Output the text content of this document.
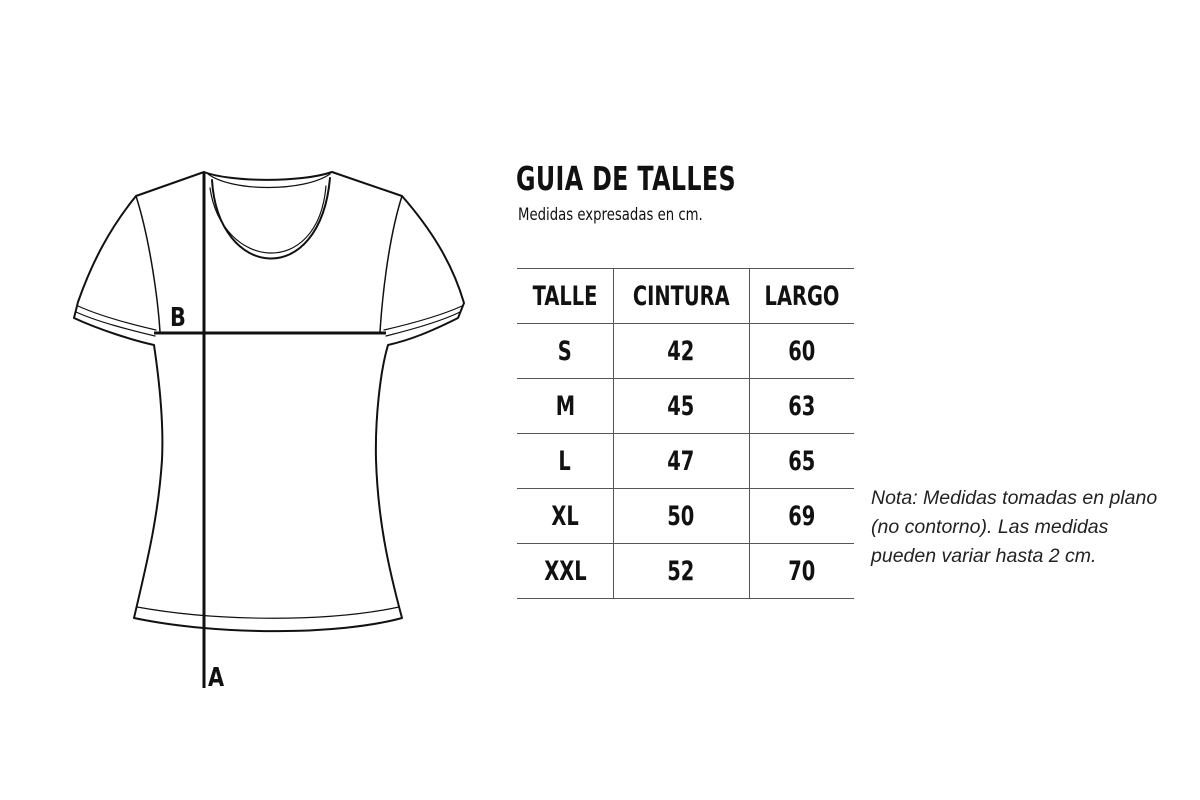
B
A
GUIA DE TALLES
Medidas expresadas en cm.
TALLE	CINTURA	LARGO
S	42	60
M	45	63
L	47	65
XL	50	69
XXL	52	70
Nota: Medidas tomadas en plano (no contorno). Las medidas pueden variar hasta 2 cm.
